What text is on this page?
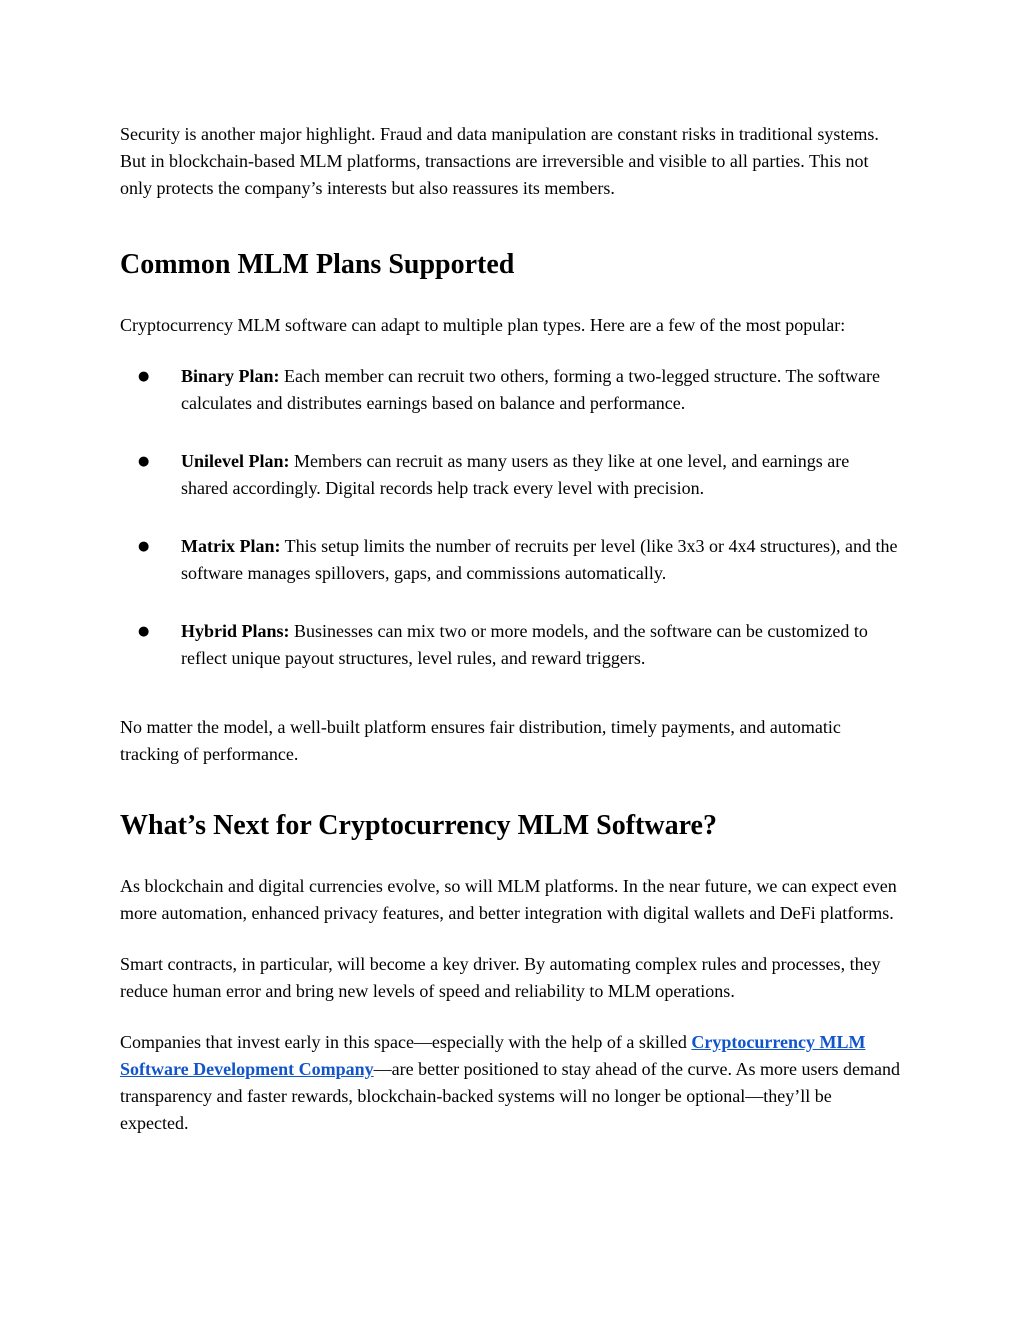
Security is another major highlight. Fraud and data manipulation are constant risks in traditional systems. But in blockchain-based MLM platforms, transactions are irreversible and visible to all parties. This not only protects the company’s interests but also reassures its members.

Common MLM Plans Supported

Cryptocurrency MLM software can adapt to multiple plan types. Here are a few of the most popular:

● Binary Plan: Each member can recruit two others, forming a two-legged structure. The software calculates and distributes earnings based on balance and performance.
● Unilevel Plan: Members can recruit as many users as they like at one level, and earnings are shared accordingly. Digital records help track every level with precision.
● Matrix Plan: This setup limits the number of recruits per level (like 3x3 or 4x4 structures), and the software manages spillovers, gaps, and commissions automatically.
● Hybrid Plans: Businesses can mix two or more models, and the software can be customized to reflect unique payout structures, level rules, and reward triggers.

No matter the model, a well-built platform ensures fair distribution, timely payments, and automatic tracking of performance.

What’s Next for Cryptocurrency MLM Software?

As blockchain and digital currencies evolve, so will MLM platforms. In the near future, we can expect even more automation, enhanced privacy features, and better integration with digital wallets and DeFi platforms.

Smart contracts, in particular, will become a key driver. By automating complex rules and processes, they reduce human error and bring new levels of speed and reliability to MLM operations.

Companies that invest early in this space—especially with the help of a skilled Cryptocurrency MLM Software Development Company—are better positioned to stay ahead of the curve. As more users demand transparency and faster rewards, blockchain-backed systems will no longer be optional—they’ll be expected.
